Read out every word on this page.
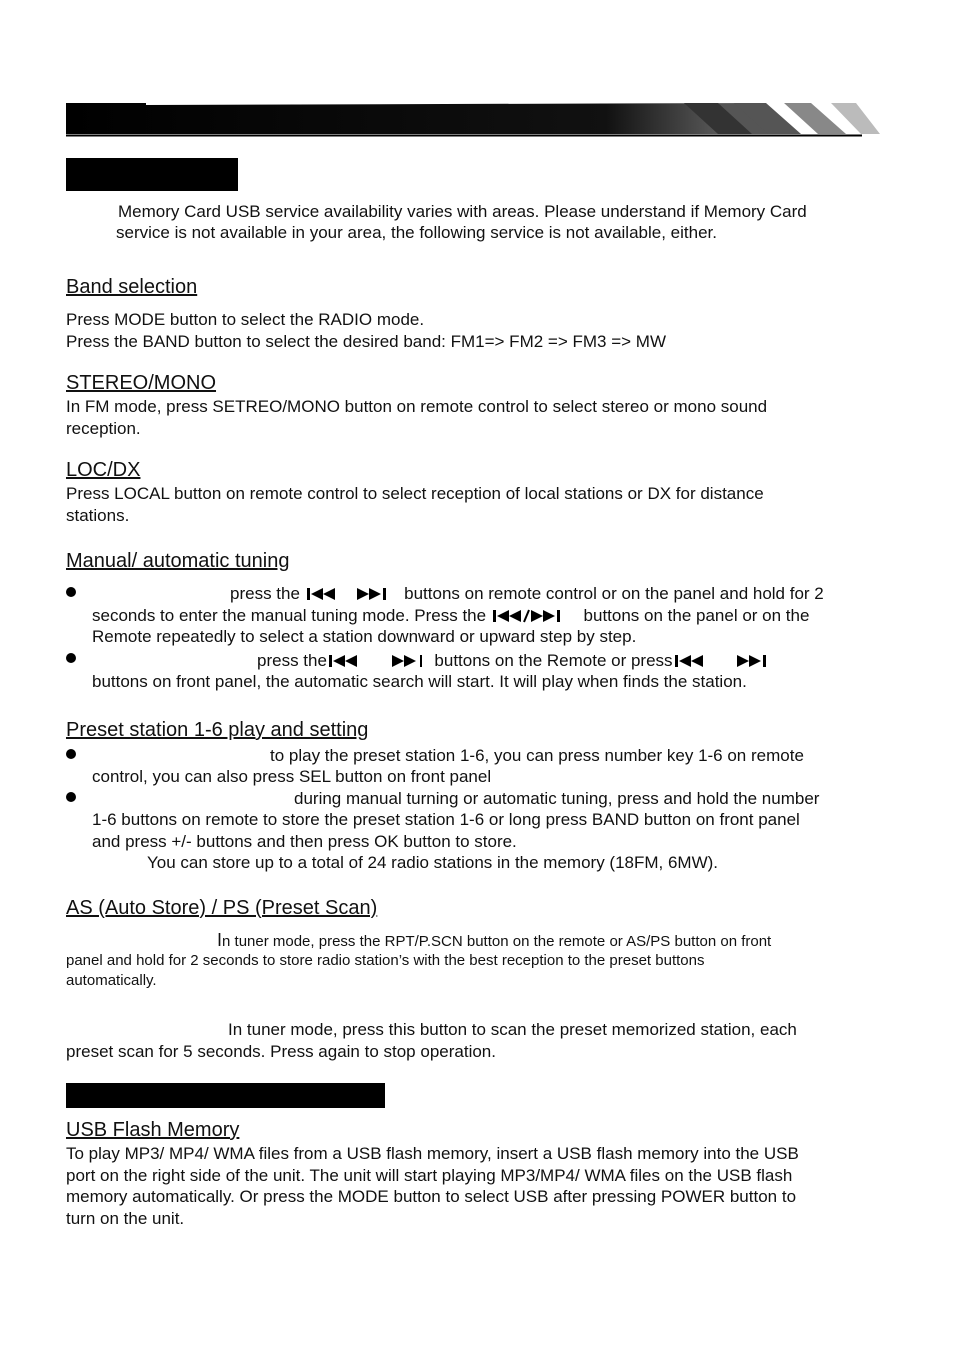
Memory Card USB service availability varies with areas. Please understand if Memory Card

service is not available in your area, the following service is not available, either.

Band selection

Press MODE button to select the RADIO mode.

Press the BAND button to select the desired band: FM1=> FM2 => FM3 => MW

STEREO/MONO

In FM mode, press SETREO/MONO button on remote control to select stereo or mono sound

reception.

LOC/DX

Press LOCAL button on remote control to select reception of local stations or DX for distance

stations.

Manual/ automatic tuning

press the	buttons on remote control or on the panel and hold for 2

seconds to enter the manual tuning mode. Press the	buttons on the panel or on the

Remote repeatedly to select a station downward or upward step by step.

press the	buttons on the Remote or press

buttons on front panel, the automatic search will start. It will play when finds the station.

Preset station 1-6 play and setting

to play the preset station 1-6, you can press number key 1-6 on remote

control, you can also press SEL button on front panel

during manual turning or automatic tuning, press and hold the number

1-6 buttons on remote to store the preset station 1-6 or long press BAND button on front panel

and press +/- buttons and then press OK button to store.

You can store up to a total of 24 radio stations in the memory (18FM, 6MW).

AS (Auto Store) / PS (Preset Scan)

In tuner mode, press the RPT/P.SCN button on the remote or AS/PS button on front

panel and hold for 2 seconds to store radio station’s with the best reception to the preset buttons

automatically.

In tuner mode, press this button to scan the preset memorized station, each

preset scan for 5 seconds. Press again to stop operation.

USB Flash Memory

To play MP3/ MP4/ WMA files from a USB flash memory, insert a USB flash memory into the USB

port on the right side of the unit. The unit will start playing MP3/MP4/ WMA files on the USB flash

memory automatically. Or press the MODE button to select USB after pressing POWER button to

turn on the unit.
